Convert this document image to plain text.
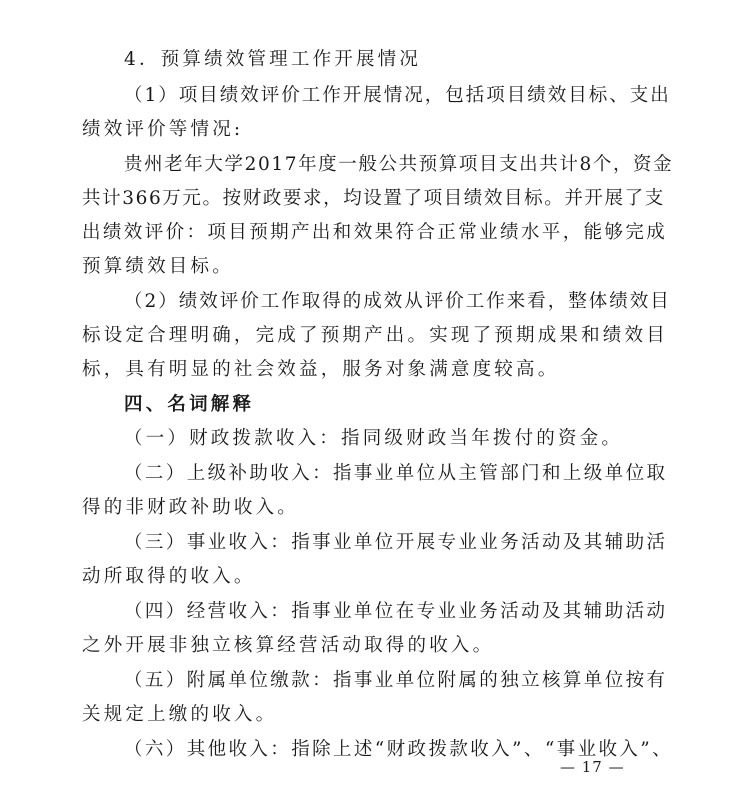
4．预算绩效管理工作开展情况
（1）项目绩效评价工作开展情况，包括项目绩效目标、支出
绩效评价等情况:
贵州老年大学2017年度一般公共预算项目支出共计8个，资金
共计366万元。按财政要求，均设置了项目绩效目标。并开展了支
出绩效评价：项目预期产出和效果符合正常业绩水平，能够完成
预算绩效目标。
（2）绩效评价工作取得的成效从评价工作来看，整体绩效目
标设定合理明确，完成了预期产出。实现了预期成果和绩效目
标，具有明显的社会效益，服务对象满意度较高。
四、名词解释
（一）财政拨款收入：指同级财政当年拨付的资金。
（二）上级补助收入：指事业单位从主管部门和上级单位取
得的非财政补助收入。
（三）事业收入：指事业单位开展专业业务活动及其辅助活
动所取得的收入。
（四）经营收入：指事业单位在专业业务活动及其辅助活动
之外开展非独立核算经营活动取得的收入。
（五）附属单位缴款：指事业单位附属的独立核算单位按有
关规定上缴的收入。
（六）其他收入：指除上述“财政拨款收入”、“事业收入”、
— 17 —
